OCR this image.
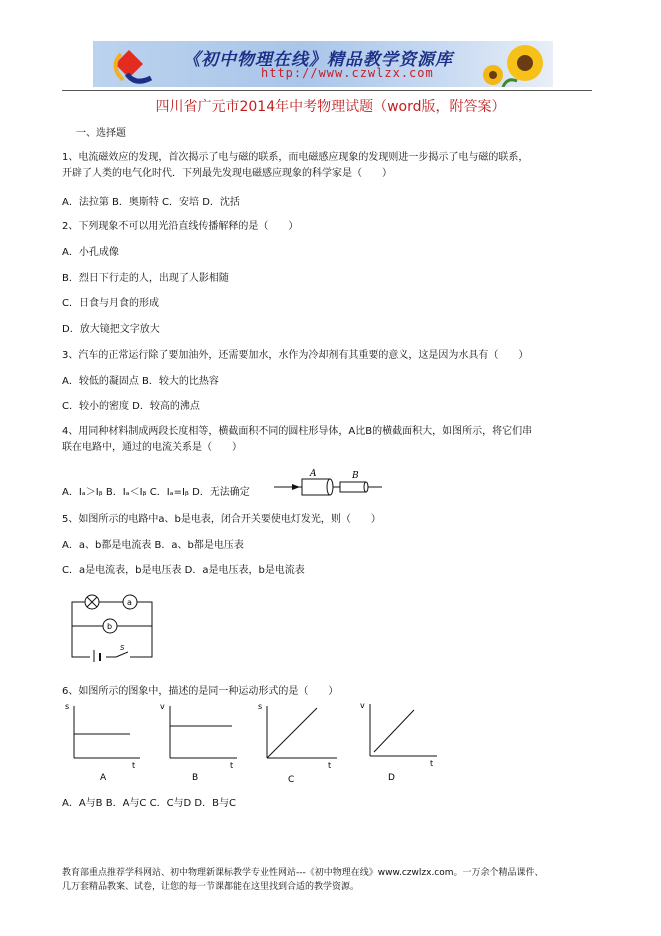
《初中物理在线》精品教学资源库
http://www.czwlzx.com
四川省广元市2014年中考物理试题（word版，附答案）
一、选择题
1、电流磁效应的发现，首次揭示了电与磁的联系，而电磁感应现象的发现则进一步揭示了电与磁的联系，
开辟了人类的电气化时代．下列最先发现电磁感应现象的科学家是（　　）
A．法拉第 B．奥斯特 C．安培 D．沈括
2、下列现象不可以用光沿直线传播解释的是（　　）
A．小孔成像
B．烈日下行走的人，出现了人影相随
C．日食与月食的形成
D．放大镜把文字放大
3、汽车的正常运行除了要加油外，还需要加水，水作为冷却剂有其重要的意义，这是因为水具有（　　）
A．较低的凝固点 B．较大的比热容
C．较小的密度 D．较高的沸点
4、用同种材料制成两段长度相等，横截面积不同的圆柱形导体，A比B的横截面积大，如图所示，将它们串
联在电路中，通过的电流关系是（　　）
A．Iₐ＞Iᵦ B．Iₐ＜Iᵦ C．Iₐ=Iᵦ D．无法确定
A	B
5、如图所示的电路中a、b是电表，闭合开关要使电灯发光，则（　　）
A．a、b都是电流表 B．a、b都是电压表
C．a是电流表，b是电压表 D．a是电压表，b是电流表
a
b
S
6、如图所示的图象中，描述的是同一种运动形式的是（　　）
s
t
A
v
t
B
s
t
C
v
t
D
A．A与B B．A与C C．C与D D．B与C
教育部重点推荐学科网站、初中物理新课标教学专业性网站---《初中物理在线》www.czwlzx.com。一万余个精品课件、
几万套精品教案、试卷，让您的每一节课都能在这里找到合适的教学资源。
